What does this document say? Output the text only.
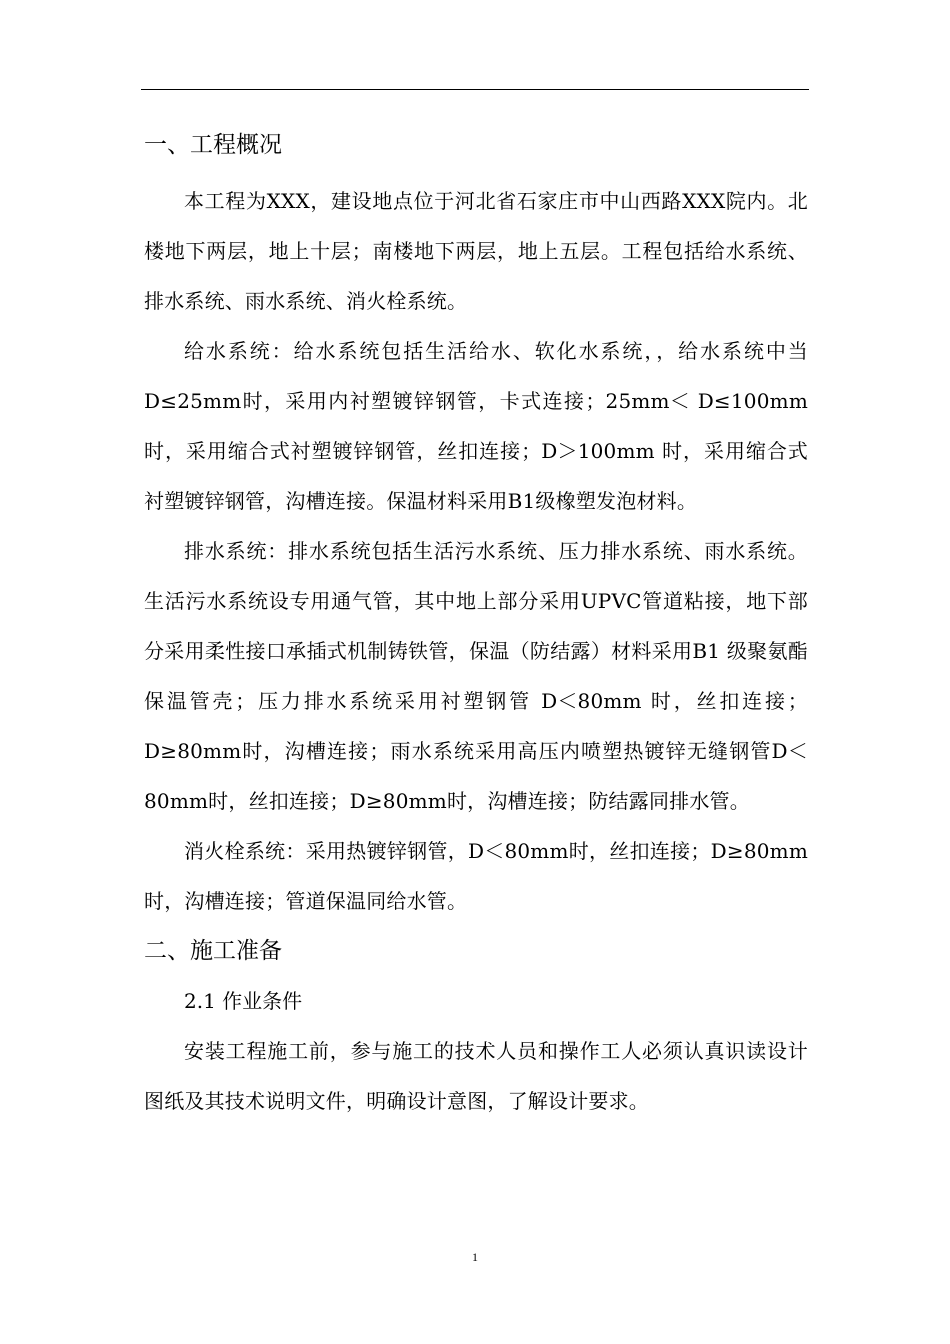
一、工程概况

本工程为XXX，建设地点位于河北省石家庄市中山西路XXX院内。北楼地下两层，地上十层；南楼地下两层，地上五层。工程包括给水系统、排水系统、雨水系统、消火栓系统。

给水系统：给水系统包括生活给水、软化水系统，，给水系统中当D≤25mm时，采用内衬塑镀锌钢管，卡式连接；25mm＜ D≤100mm时，采用缩合式衬塑镀锌钢管，丝扣连接；D＞100mm 时，采用缩合式衬塑镀锌钢管，沟槽连接。保温材料采用B1级橡塑发泡材料。

排水系统：排水系统包括生活污水系统、压力排水系统、雨水系统。生活污水系统设专用通气管，其中地上部分采用UPVC管道粘接，地下部分采用柔性接口承插式机制铸铁管，保温（防结露）材料采用B1 级聚氨酯保温管壳；压力排水系统采用衬塑钢管 D＜80mm 时，丝扣连接；D≥80mm时，沟槽连接；雨水系统采用高压内喷塑热镀锌无缝钢管D＜80mm时，丝扣连接；D≥80mm时，沟槽连接；防结露同排水管。

消火栓系统：采用热镀锌钢管，D＜80mm时，丝扣连接；D≥80mm时，沟槽连接；管道保温同给水管。

二、施工准备

2.1 作业条件

安装工程施工前，参与施工的技术人员和操作工人必须认真识读设计图纸及其技术说明文件，明确设计意图，了解设计要求。

1
